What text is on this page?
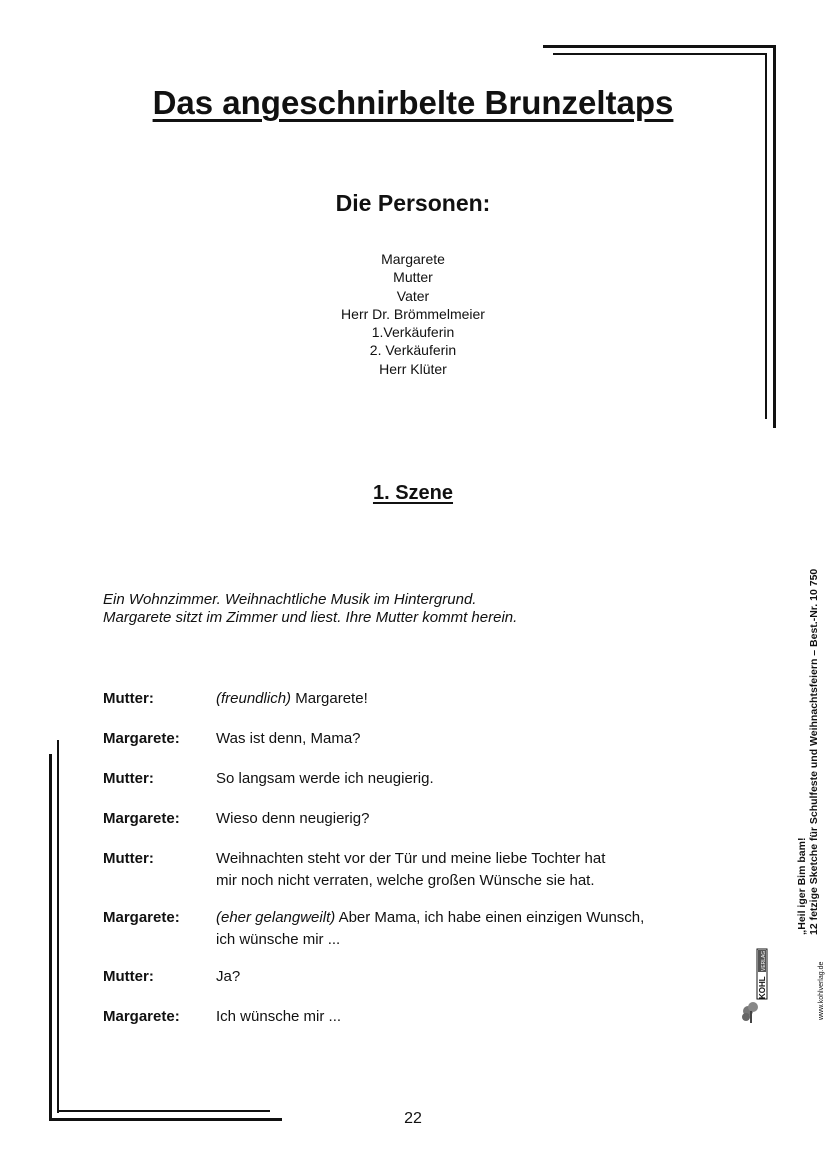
Das angeschnirbelte Brunzeltaps
Die Personen:
Margarete
Mutter
Vater
Herr Dr. Brömmelmeier
1.Verkäuferin
2. Verkäuferin
Herr Klüter
1. Szene
Ein Wohnzimmer. Weihnachtliche Musik im Hintergrund.
Margarete sitzt im Zimmer und liest. Ihre Mutter kommt herein.
Mutter:	(freundlich) Margarete!
Margarete:	Was ist denn, Mama?
Mutter:	So langsam werde ich neugierig.
Margarete:	Wieso denn neugierig?
Mutter:	Weihnachten steht vor der Tür und meine liebe Tochter hat
mir noch nicht verraten, welche großen Wünsche sie hat.
Margarete:	(eher gelangweilt) Aber Mama, ich habe einen einzigen Wunsch,
ich wünsche mir ...
Mutter:	Ja?
Margarete:	Ich wünsche mir ...
22
„Heil iger Bim bam! 12 fetzige Sketche für Schulfeste und Weihnachtsfeiern – Best.-Nr. 10 750
www.kohlverlag.de
KOHL
VERLAG
